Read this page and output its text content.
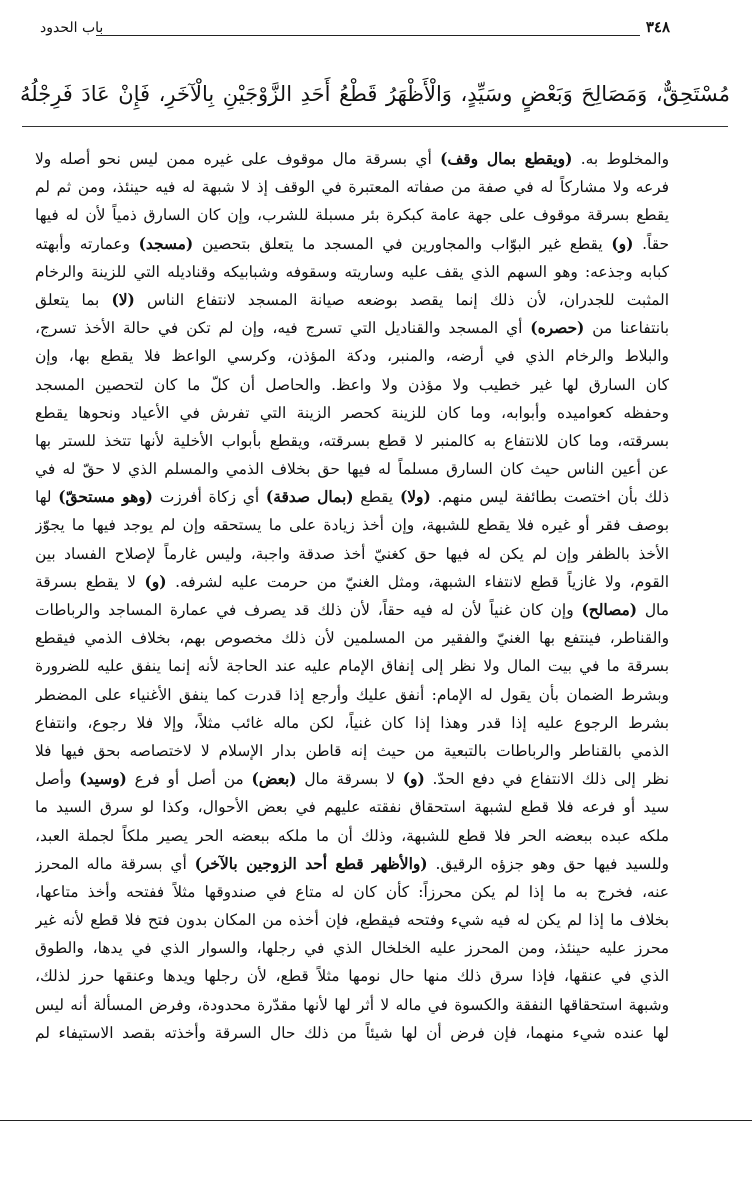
باب الحدود	٣٤٨
مُسْتَحِقٌّ، وَمَصَالِحَ وَبَعْضٍ وسَيِّدٍ، وَالْأَظْهَرُ قَطْعُ أَحَدِ الزَّوْجَيْنِ بِالْآخَرِ، فَإِنْ عَادَ فَرِجْلُهُ
والمخلوط به. (ويقطع بمال وقف) أي بسرقة مال موقوف على غيره ممن ليس نحو أصله ولا
فرعه ولا مشاركاً له في صفة من صفاته المعتبرة في الوقف إذ لا شبهة له فيه حينئذ، ومن ثم لم
يقطع بسرقة موقوف على جهة عامة كبكرة بئر مسبلة للشرب، وإن كان السارق ذمياً لأن له فيها
حقاً. (و) يقطع غير البوّاب والمجاورين في المسجد ما يتعلق بتحصين (مسجد) وعمارته وأبهته
كبابه وجذعه: وهو السهم الذي يقف عليه وساريته وسقوفه وشبابيكه وقناديله التي للزينة والرخام
المثبت للجدران، لأن ذلك إنما يقصد بوضعه صيانة المسجد لانتفاع الناس (لا) بما يتعلق
بانتفاعنا من (حصره) أي المسجد والقناديل التي تسرج فيه، وإن لم تكن في حالة الأخذ تسرج،
والبلاط والرخام الذي في أرضه، والمنبر، ودكة المؤذن، وكرسي الواعظ فلا يقطع بها، وإن
كان السارق لها غير خطيب ولا مؤذن ولا واعظ. والحاصل أن كلّ ما كان لتحصين المسجد
وحفظه كعواميده وأبوابه، وما كان للزينة كحصر الزينة التي تفرش في الأعياد ونحوها يقطع
بسرقته، وما كان للانتفاع به كالمنبر لا قطع بسرقته، ويقطع بأبواب الأخلية لأنها تتخذ للستر بها
عن أعين الناس حيث كان السارق مسلماً له فيها حق بخلاف الذمي والمسلم الذي لا حقّ له في
ذلك بأن اختصت بطائفة ليس منهم. (ولا) يقطع (بمال صدقة) أي زكاة أفرزت (وهو مستحقّ) لها
بوصف فقر أو غيره فلا يقطع للشبهة، وإن أخذ زيادة على ما يستحقه وإن لم يوجد فيها ما يجوّز
الأخذ بالظفر وإن لم يكن له فيها حق كغنيّ أخذ صدقة واجبة، وليس غارماً لإصلاح الفساد بين
القوم، ولا غازياً قطع لانتفاء الشبهة، ومثل الغنيّ من حرمت عليه لشرفه. (و) لا يقطع بسرقة
مال (مصالح) وإن كان غنياً لأن له فيه حقاً، لأن ذلك قد يصرف في عمارة المساجد والرباطات
والقناطر، فينتفع بها الغنيّ والفقير من المسلمين لأن ذلك مخصوص بهم، بخلاف الذمي فيقطع
بسرقة ما في بيت المال ولا نظر إلى إنفاق الإمام عليه عند الحاجة لأنه إنما ينفق عليه للضرورة
وبشرط الضمان بأن يقول له الإمام: أنفق عليك وأرجع إذا قدرت كما ينفق الأغنياء على المضطر
بشرط الرجوع عليه إذا قدر وهذا إذا كان غنياً، لكن ماله غائب مثلاً، وإلا فلا رجوع، وانتفاع
الذمي بالقناطر والرباطات بالتبعية من حيث إنه قاطن بدار الإسلام لا لاختصاصه بحق فيها فلا
نظر إلى ذلك الانتفاع في دفع الحدّ. (و) لا بسرقة مال (بعض) من أصل أو فرع (وسيد) وأصل
سيد أو فرعه فلا قطع لشبهة استحقاق نفقته عليهم في بعض الأحوال، وكذا لو سرق السيد ما
ملكه عبده ببعضه الحر فلا قطع للشبهة، وذلك أن ما ملكه ببعضه الحر يصير ملكاً لجملة العبد،
وللسيد فيها حق وهو جزؤه الرقيق. (والأظهر قطع أحد الزوجين بالآخر) أي بسرقة ماله المحرز
عنه، فخرج به ما إذا لم يكن محرزاً: كأن كان له متاع في صندوقها مثلاً ففتحه وأخذ متاعها،
بخلاف ما إذا لم يكن له فيه شيء وفتحه فيقطع، فإن أخذه من المكان بدون فتح فلا قطع لأنه غير
محرز عليه حينئذ، ومن المحرز عليه الخلخال الذي في رجلها، والسوار الذي في يدها، والطوق
الذي في عنقها، فإذا سرق ذلك منها حال نومها مثلاً قطع، لأن رجلها ويدها وعنقها حرز لذلك،
وشبهة استحقاقها النفقة والكسوة في ماله لا أثر لها لأنها مقدّرة محدودة، وفرض المسألة أنه ليس
لها عنده شيء منهما، فإن فرض أن لها شيئاً من ذلك حال السرقة وأخذته بقصد الاستيفاء لم
